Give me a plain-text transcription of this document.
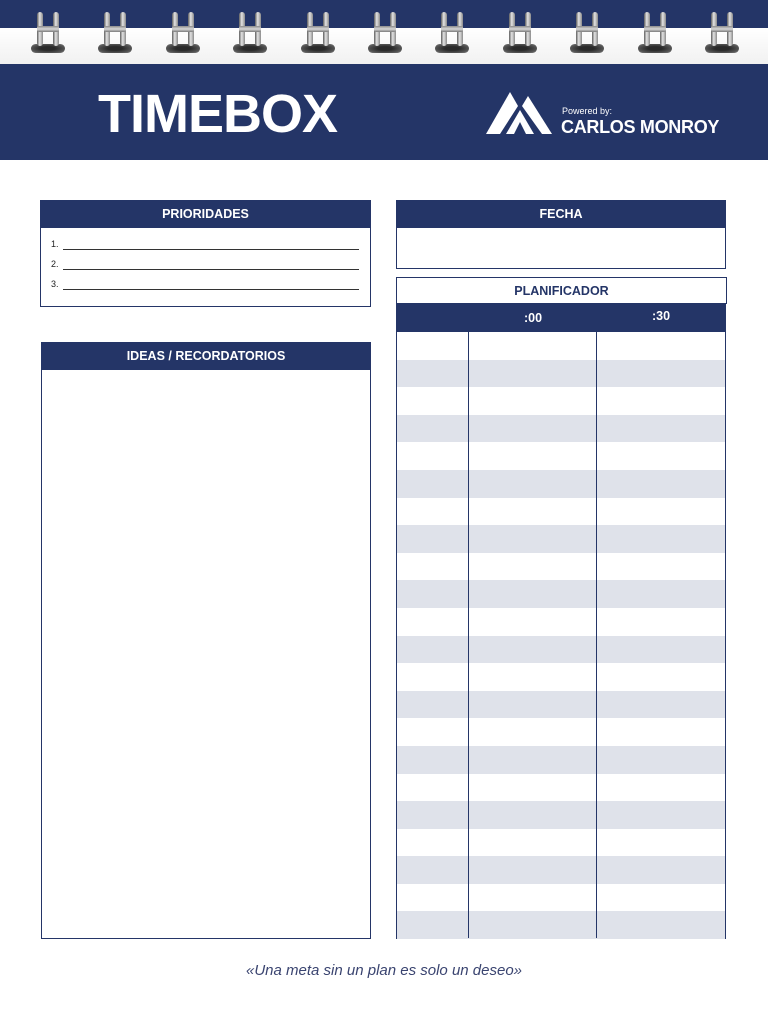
TIMEBOX	Powered by:
CARLOS MONROY
PRIORIDADES
1.
2.
3.
IDEAS / RECORDATORIOS
FECHA
PLANIFICADOR
:00	:30
«Una meta sin un plan es solo un deseo»
